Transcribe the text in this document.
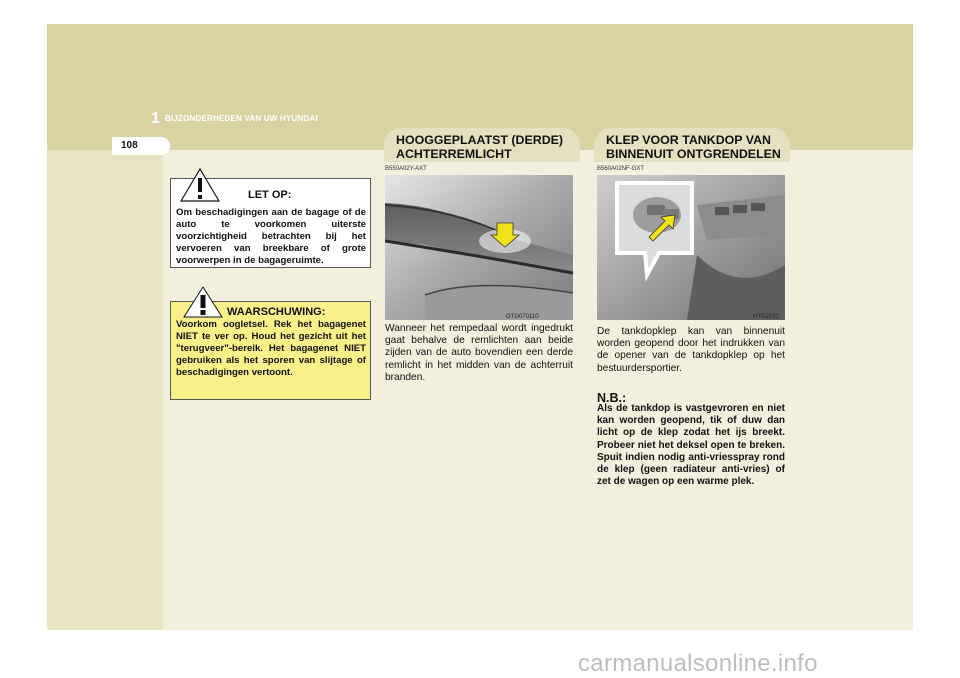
1 BIJZONDERHEDEN VAN UW HYUNDAI
108
LET OP:
Om beschadigingen aan de bagage of de auto te voorkomen uiterste voorzichtigheid betrachten bij het vervoeren van breekbare of grote voorwerpen in de bagageruimte.
WAARSCHUWING:
Voorkom oogletsel. Rek het bagagenet NIET te ver op. Houd het gezicht uit het "terugveer"-bereik. Het bagagenet NIET gebruiken als het sporen van slijtage of beschadigingen vertoont.
HOOGGEPLAATST (DERDE)
ACHTERREMLICHT
B550A02Y-AXT
OTG070110
Wanneer het rempedaal wordt ingedrukt gaat behalve de remlichten aan beide zijden van de auto bovendien een derde remlicht in het midden van de achterruit branden.
KLEP VOOR TANKDOP VAN
BINNENUIT ONTGRENDELEN
B560A02NF-GXT
HTG2022
De tankdopklep kan van binnenuit worden geopend door het indrukken van de opener van de tankdopklep op het bestuurdersportier.
N.B.:
Als de tankdop is vastgevroren en niet kan worden geopend, tik of duw dan licht op de klep zodat het ijs breekt. Probeer niet het deksel open te breken. Spuit indien nodig anti-vriesspray rond de klep (geen radiateur anti-vries) of zet de wagen op een warme plek.
carmanualsonline.info
